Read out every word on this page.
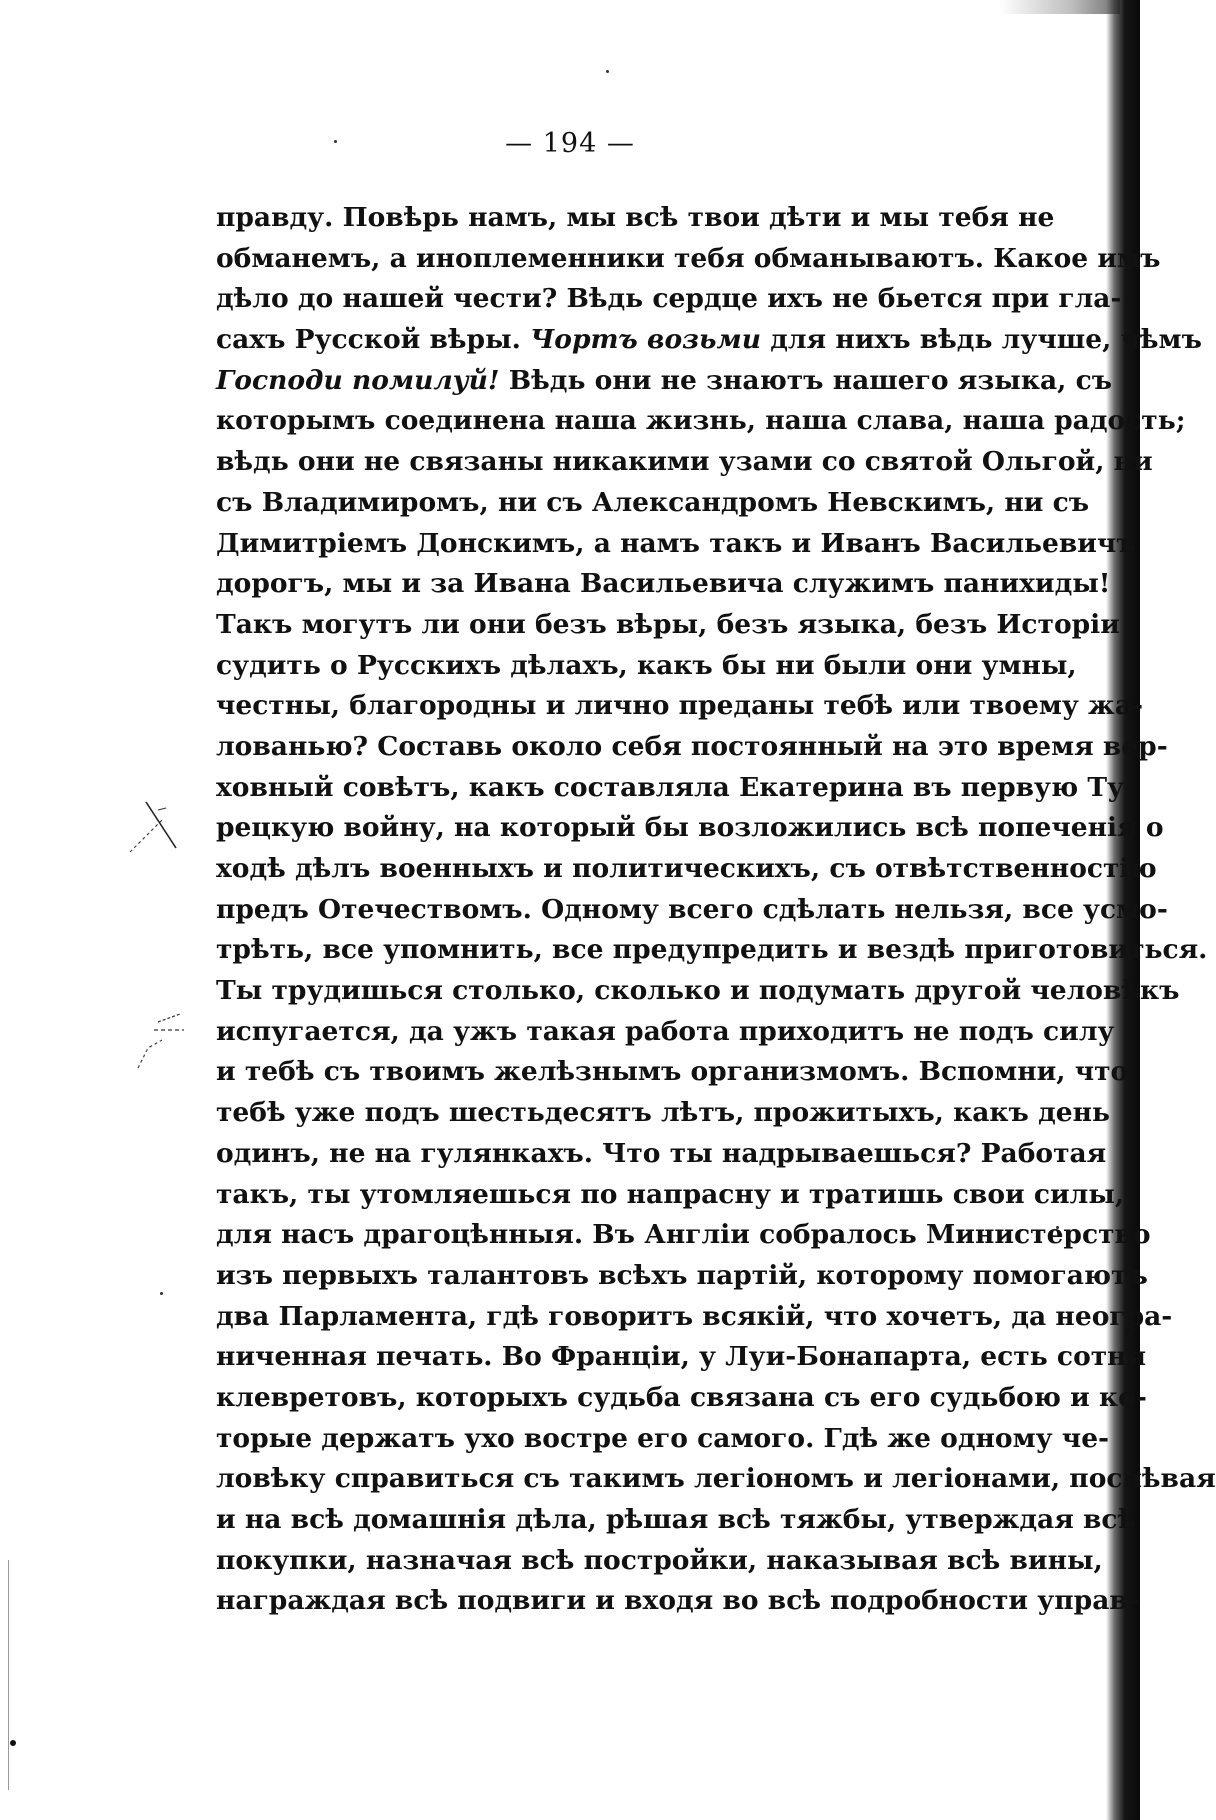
— 194 —
правду. Повѣрь намъ, мы всѣ твои дѣти и мы тебя не
обманемъ, а иноплеменники тебя обманываютъ. Какое имъ
дѣло до нашей чести? Вѣдь сердце ихъ не бьется при гла-
сахъ Русской вѣры. Чортъ возьми для нихъ вѣдь лучше, чѣмъ
Господи помилуй! Вѣдь они не знаютъ нашего языка, съ
которымъ соединена наша жизнь, наша слава, наша радость;
вѣдь они не связаны никакими узами со святой Ольгой, ни
съ Владимиромъ, ни съ Александромъ Невскимъ, ни съ
Димитріемъ Донскимъ, а намъ такъ и Иванъ Васильевичъ
дорогъ, мы и за Ивана Васильевича служимъ панихиды!
Такъ могутъ ли они безъ вѣры, безъ языка, безъ Исторіи
судить о Русскихъ дѣлахъ, какъ бы ни были они умны,
честны, благородны и лично преданы тебѣ или твоему жа-
лованью? Составь около себя постоянный на это время вер-
ховный совѣтъ, какъ составляла Екатерина въ первую Ту-
рецкую войну, на который бы возложились всѣ попеченія о
ходѣ дѣлъ военныхъ и политическихъ, съ отвѣтственностію
предъ Отечествомъ. Одному всего сдѣлать нельзя, все усмо-
трѣть, все упомнить, все предупредить и вездѣ приготовиться.
Ты трудишься столько, сколько и подумать другой человѣкъ
испугается, да ужъ такая работа приходитъ не подъ силу
и тебѣ съ твоимъ желѣзнымъ организмомъ. Вспомни, что
тебѣ уже подъ шестьдесятъ лѣтъ, прожитыхъ, какъ день
одинъ, не на гулянкахъ. Что ты надрываешься? Работая
такъ, ты утомляешься по напрасну и тратишь свои силы,
для насъ драгоцѣнныя. Въ Англіи собралось Министерство
изъ первыхъ талантовъ всѣхъ партій, которому помогаютъ
два Парламента, гдѣ говоритъ всякій, что хочетъ, да неогра-
ниченная печать. Во Франціи, у Луи-Бонапарта, есть сотня
клевретовъ, которыхъ судьба связана съ его судьбою и ко-
торые держатъ ухо востре его самого. Гдѣ же одному че-
ловѣку справиться съ такимъ легіономъ и легіонами, поспѣвая
и на всѣ домашнія дѣла, рѣшая всѣ тяжбы, утверждая всѣ
покупки, назначая всѣ постройки, наказывая всѣ вины,
награждая всѣ подвиги и входя во всѣ подробности управ-
